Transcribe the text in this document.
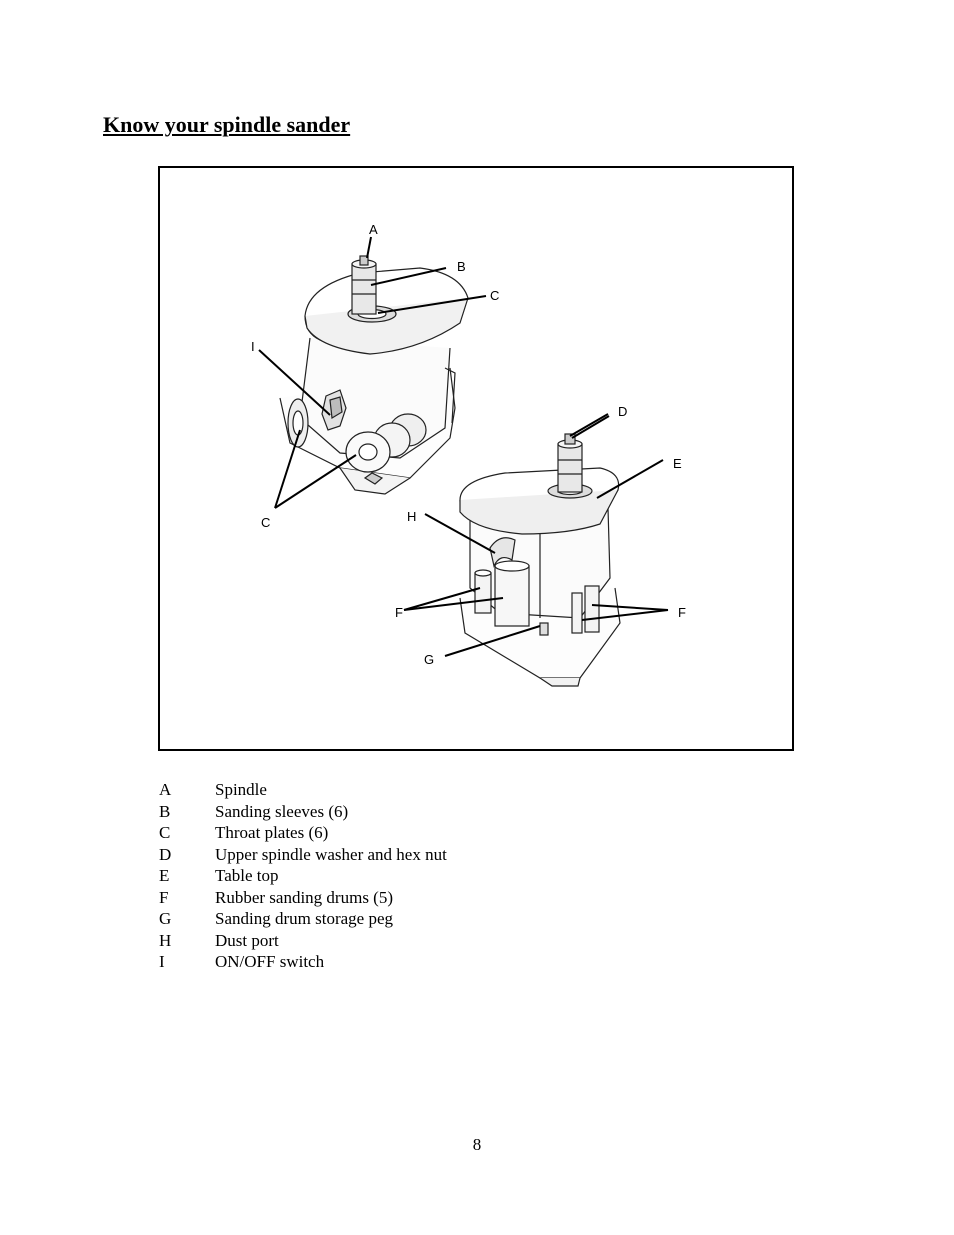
Know your spindle sander
A
B
C
I
C
D
E
H
F	F
G
A	Spindle
B	Sanding sleeves (6)
C	Throat plates (6)
D	Upper spindle washer and hex nut
E	Table top
F	Rubber sanding drums (5)
G	Sanding drum storage peg
H	Dust port
I	ON/OFF switch
8
